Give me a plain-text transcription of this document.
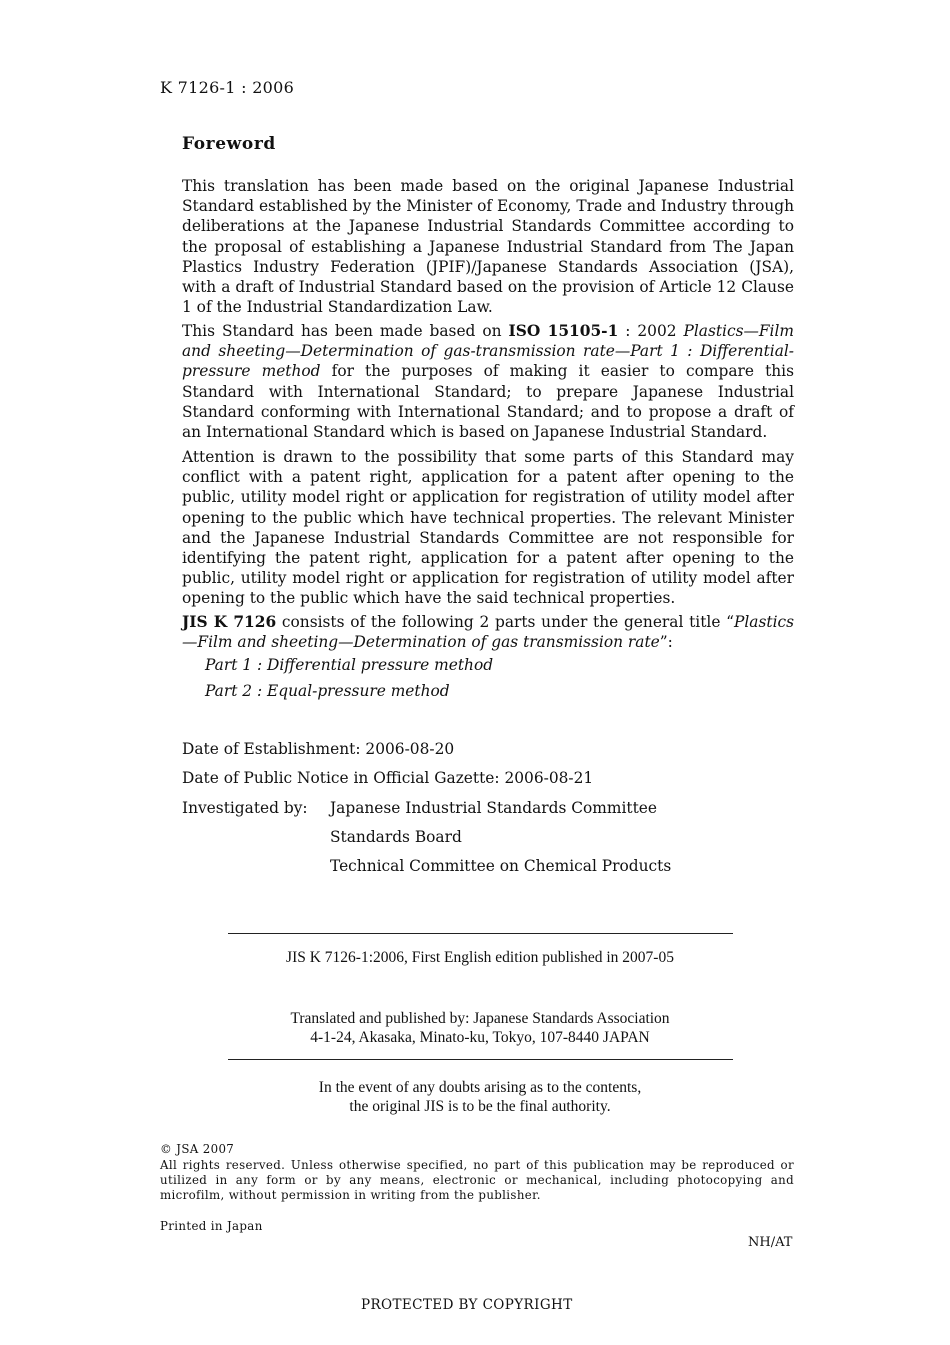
K 7126-1 : 2006
Foreword

This translation has been made based on the original Japanese Industrial Standard established by the Minister of Economy, Trade and Industry through deliberations at the Japanese Industrial Standards Committee according to the proposal of establishing a Japanese Industrial Standard from The Japan Plastics Industry Federation (JPIF)/Japanese Standards Association (JSA), with a draft of Industrial Standard based on the provision of Article 12 Clause 1 of the Industrial Standardization Law.

This Standard has been made based on ISO 15105-1 : 2002 Plastics—Film and sheeting—Determination of gas-transmission rate—Part 1 : Differential-pressure method for the purposes of making it easier to compare this Standard with International Standard; to prepare Japanese Industrial Standard conforming with International Standard; and to propose a draft of an International Standard which is based on Japanese Industrial Standard.

Attention is drawn to the possibility that some parts of this Standard may conflict with a patent right, application for a patent after opening to the public, utility model right or application for registration of utility model after opening to the public which have technical properties. The relevant Minister and the Japanese Industrial Standards Committee are not responsible for identifying the patent right, application for a patent after opening to the public, utility model right or application for registration of utility model after opening to the public which have the said technical properties.

JIS K 7126 consists of the following 2 parts under the general title “Plastics—Film and sheeting—Determination of gas transmission rate”:

Part 1 : Differential pressure method
Part 2 : Equal-pressure method
Date of Establishment: 2006-08-20
Date of Public Notice in Official Gazette: 2006-08-21
Investigated by: Japanese Industrial Standards Committee
Standards Board
Technical Committee on Chemical Products
JIS K 7126-1:2006, First English edition published in 2007-05
Translated and published by: Japanese Standards Association
4-1-24, Akasaka, Minato-ku, Tokyo, 107-8440 JAPAN
In the event of any doubts arising as to the contents,
the original JIS is to be the final authority.
© JSA 2007

All rights reserved. Unless otherwise specified, no part of this publication may be reproduced or utilized in any form or by any means, electronic or mechanical, including photocopying and microfilm, without permission in writing from the publisher.

Printed in Japan
NH/AT
PROTECTED BY COPYRIGHT
